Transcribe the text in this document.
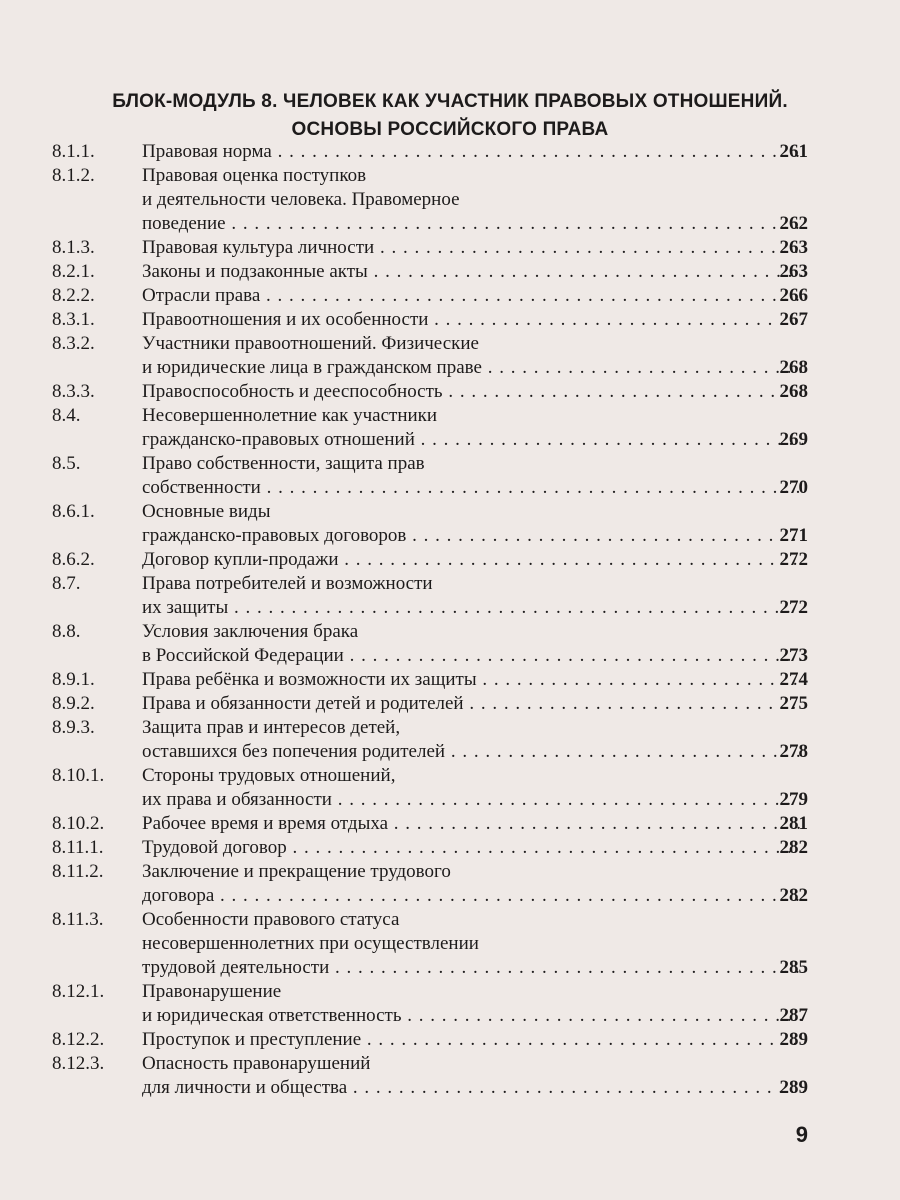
БЛОК-МОДУЛЬ 8. ЧЕЛОВЕК КАК УЧАСТНИК ПРАВОВЫХ ОТНОШЕНИЙ.
ОСНОВЫ РОССИЙСКОГО ПРАВА
8.1.1. Правовая норма . . .	261
8.1.2. Правовая оценка поступков
и деятельности человека. Правомерное
поведение . . .	262
8.1.3. Правовая культура личности . . .	263
8.2.1. Законы и подзаконные акты . . .	263
8.2.2. Отрасли права . . .	266
8.3.1. Правоотношения и их особенности . . .	267
8.3.2. Участники правоотношений. Физические
и юридические лица в гражданском праве . . .	268
8.3.3. Правоспособность и дееспособность . . .	268
8.4.	Несовершеннолетние как участники
гражданско-правовых отношений . . .	269
8.5.	Право собственности, защита прав
собственности . . .	270
8.6.1. Основные виды
гражданско-правовых договоров . . .	271
8.6.2. Договор купли-продажи . . .	272
8.7.	Права потребителей и возможности
их защиты . . .	272
8.8.	Условия заключения брака
в Российской Федерации . . .	273
8.9.1. Права ребёнка и возможности их защиты . . .	274
8.9.2. Права и обязанности детей и родителей . . .	275
8.9.3. Защита прав и интересов детей,
оставшихся без попечения родителей . . .	278
8.10.1. Стороны трудовых отношений,
их права и обязанности . . .	279
8.10.2. Рабочее время и время отдыха . . .	281
8.11.1. Трудовой договор . . .	282
8.11.2. Заключение и прекращение трудового
договора . . .	282
8.11.3. Особенности правового статуса
несовершеннолетних при осуществлении
трудовой деятельности . . .	285
8.12.1. Правонарушение
и юридическая ответственность . . .	287
8.12.2. Проступок и преступление . . .	289
8.12.3. Опасность правонарушений
для личности и общества . . .	289
9
